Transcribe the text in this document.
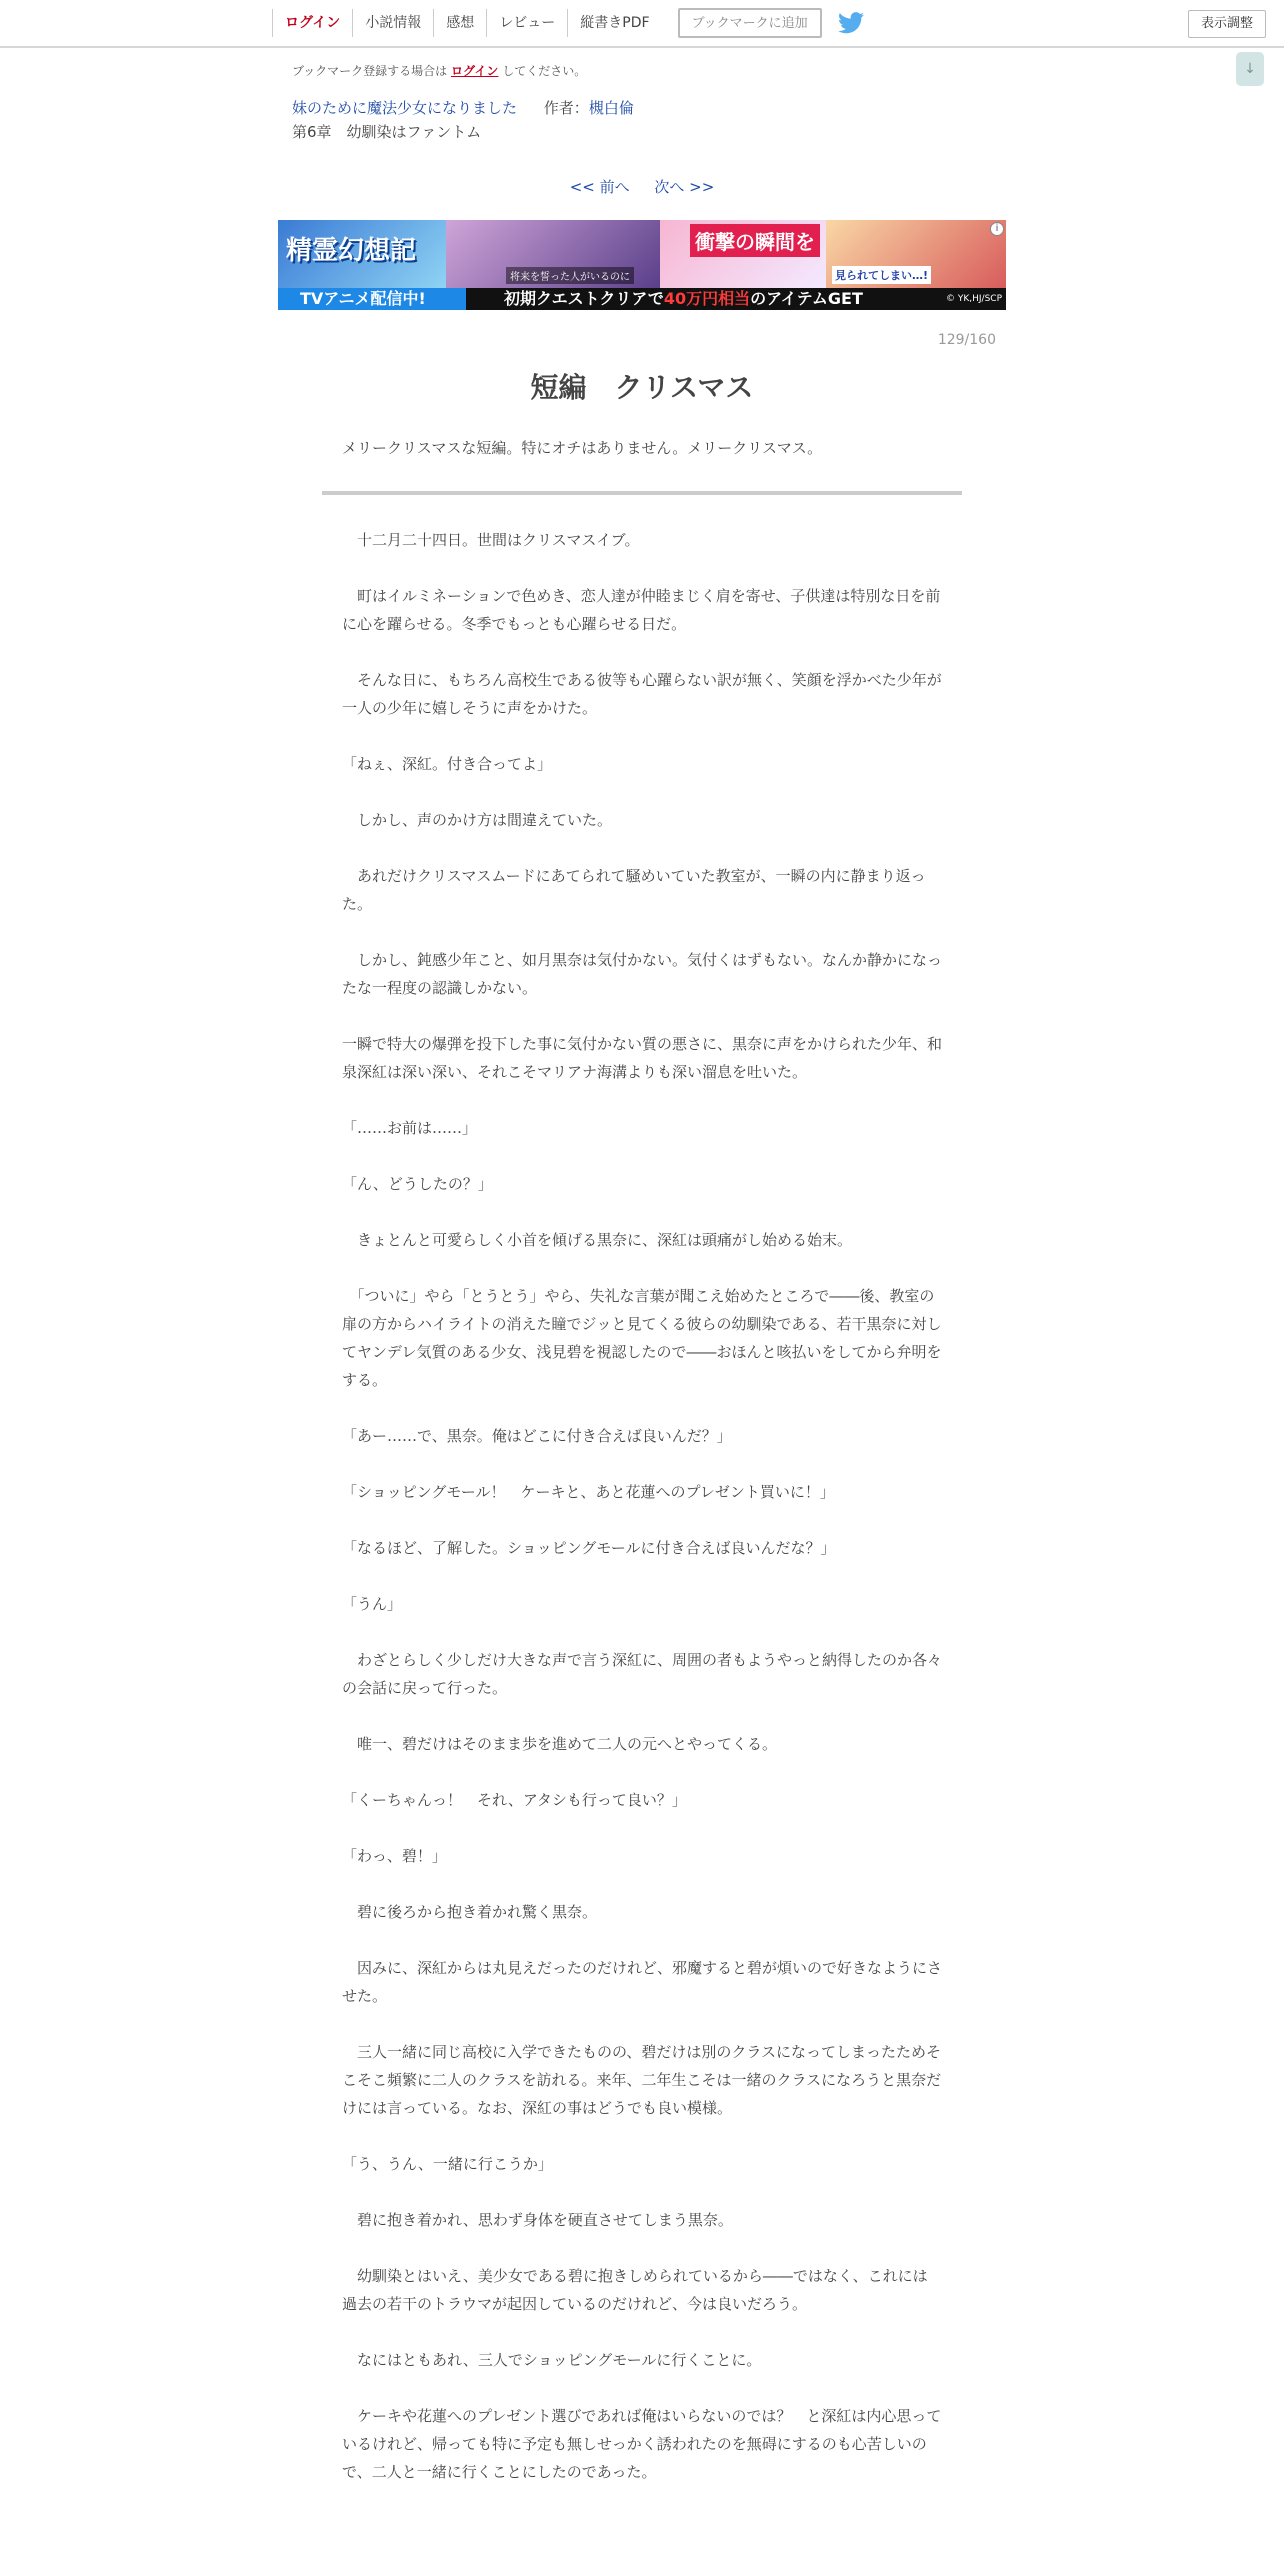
ログイン	小説情報	感想	レビュー	縦書きPDF	ブックマークに追加	表示調整
↓
ブックマーク登録する場合は ログイン してください。
妹のために魔法少女になりました 作者：槻白倫
第6章　幼馴染はファントム
<< 前へ 次へ >>
精霊幻想記
将来を誓った人がいるのに
衝撃の瞬間を
見られてしまい…!
TVアニメ配信中!	初期クエストクリアで40万円相当のアイテムGET	© YK,HJ/SCP
i
129/160
短編　クリスマス
メリークリスマスな短編。特にオチはありません。メリークリスマス。

　十二月二十四日。世間はクリスマスイブ。

　町はイルミネーションで色めき、恋人達が仲睦まじく肩を寄せ、子供達は特別な日を前に心を躍らせる。冬季でもっとも心躍らせる日だ。

　そんな日に、もちろん高校生である彼等も心躍らない訳が無く、笑顔を浮かべた少年が一人の少年に嬉しそうに声をかけた。

「ねぇ、深紅。付き合ってよ」

　しかし、声のかけ方は間違えていた。

　あれだけクリスマスムードにあてられて騒めいていた教室が、一瞬の内に静まり返った。

　しかし、鈍感少年こと、如月黒奈は気付かない。気付くはずもない。なんか静かになったな一程度の認識しかない。

一瞬で特大の爆弾を投下した事に気付かない質の悪さに、黒奈に声をかけられた少年、和泉深紅は深い深い、それこそマリアナ海溝よりも深い溜息を吐いた。

「……お前は……」

「ん、どうしたの？」

　きょとんと可愛らしく小首を傾げる黒奈に、深紅は頭痛がし始める始末。

　「ついに」やら「とうとう」やら、失礼な言葉が聞こえ始めたところで――後、教室の扉の方からハイライトの消えた瞳でジッと見てくる彼らの幼馴染である、若干黒奈に対してヤンデレ気質のある少女、浅見碧を視認したので――おほんと咳払いをしてから弁明をする。

「あー……で、黒奈。俺はどこに付き合えば良いんだ？」

「ショッピングモール！　ケーキと、あと花蓮へのプレゼント買いに！」

「なるほど、了解した。ショッピングモールに付き合えば良いんだな？」

「うん」

　わざとらしく少しだけ大きな声で言う深紅に、周囲の者もようやっと納得したのか各々の会話に戻って行った。

　唯一、碧だけはそのまま歩を進めて二人の元へとやってくる。

「くーちゃんっ！　それ、アタシも行って良い？」

「わっ、碧！」

　碧に後ろから抱き着かれ驚く黒奈。

　因みに、深紅からは丸見えだったのだけれど、邪魔すると碧が煩いので好きなようにさせた。

　三人一緒に同じ高校に入学できたものの、碧だけは別のクラスになってしまったためそこそこ頻繁に二人のクラスを訪れる。来年、二年生こそは一緒のクラスになろうと黒奈だけには言っている。なお、深紅の事はどうでも良い模様。

「う、うん、一緒に行こうか」

　碧に抱き着かれ、思わず身体を硬直させてしまう黒奈。

　幼馴染とはいえ、美少女である碧に抱きしめられているから――ではなく、これには過去の若干のトラウマが起因しているのだけれど、今は良いだろう。

　なにはともあれ、三人でショッピングモールに行くことに。

　ケーキや花蓮へのプレゼント選びであれば俺はいらないのでは？　と深紅は内心思っているけれど、帰っても特に予定も無しせっかく誘われたのを無碍にするのも心苦しいので、二人と一緒に行くことにしたのであった。
